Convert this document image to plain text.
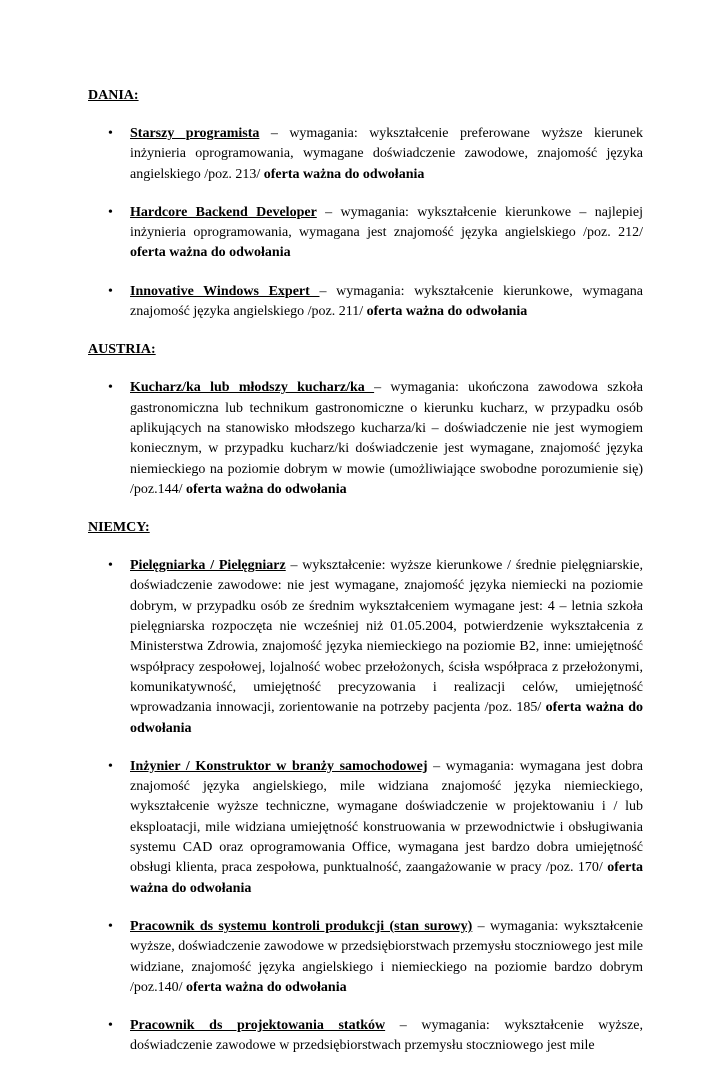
DANIA:

• Starszy programista – wymagania: wykształcenie preferowane wyższe kierunek inżynieria oprogramowania, wymagane doświadczenie zawodowe, znajomość języka angielskiego /poz. 213/ oferta ważna do odwołania
• Hardcore Backend Developer – wymagania: wykształcenie kierunkowe – najlepiej inżynieria oprogramowania, wymagana jest znajomość języka angielskiego /poz. 212/ oferta ważna do odwołania
• Innovative Windows Expert – wymagania: wykształcenie kierunkowe, wymagana znajomość języka angielskiego /poz. 211/ oferta ważna do odwołania

AUSTRIA:

• Kucharz/ka lub młodszy kucharz/ka – wymagania: ukończona zawodowa szkoła gastronomiczna lub technikum gastronomiczne o kierunku kucharz, w przypadku osób aplikujących na stanowisko młodszego kucharza/ki – doświadczenie nie jest wymogiem koniecznym, w przypadku kucharz/ki doświadczenie jest wymagane, znajomość języka niemieckiego na poziomie dobrym w mowie (umożliwiające swobodne porozumienie się) /poz.144/ oferta ważna do odwołania

NIEMCY:

• Pielęgniarka / Pielęgniarz – wykształcenie: wyższe kierunkowe / średnie pielęgniarskie, doświadczenie zawodowe: nie jest wymagane, znajomość języka niemiecki na poziomie dobrym, w przypadku osób ze średnim wykształceniem wymagane jest: 4 – letnia szkoła pielęgniarska rozpoczęta nie wcześniej niż 01.05.2004, potwierdzenie wykształcenia z Ministerstwa Zdrowia, znajomość języka niemieckiego na poziomie B2, inne: umiejętność współpracy zespołowej, lojalność wobec przełożonych, ścisła współpraca z przełożonymi, komunikatywność, umiejętność precyzowania i realizacji celów, umiejętność wprowadzania innowacji, zorientowanie na potrzeby pacjenta /poz. 185/ oferta ważna do odwołania
• Inżynier / Konstruktor w branży samochodowej – wymagania: wymagana jest dobra znajomość języka angielskiego, mile widziana znajomość języka niemieckiego, wykształcenie wyższe techniczne, wymagane doświadczenie w projektowaniu i / lub eksploatacji, mile widziana umiejętność konstruowania w przewodnictwie i obsługiwania systemu CAD oraz oprogramowania Office, wymagana jest bardzo dobra umiejętność obsługi klienta, praca zespołowa, punktualność, zaangażowanie w pracy /poz. 170/ oferta ważna do odwołania
• Pracownik ds systemu kontroli produkcji (stan surowy) – wymagania: wykształcenie wyższe, doświadczenie zawodowe w przedsiębiorstwach przemysłu stoczniowego jest mile widziane, znajomość języka angielskiego i niemieckiego na poziomie bardzo dobrym /poz.140/ oferta ważna do odwołania
• Pracownik ds projektowania statków – wymagania: wykształcenie wyższe, doświadczenie zawodowe w przedsiębiorstwach przemysłu stoczniowego jest mile
